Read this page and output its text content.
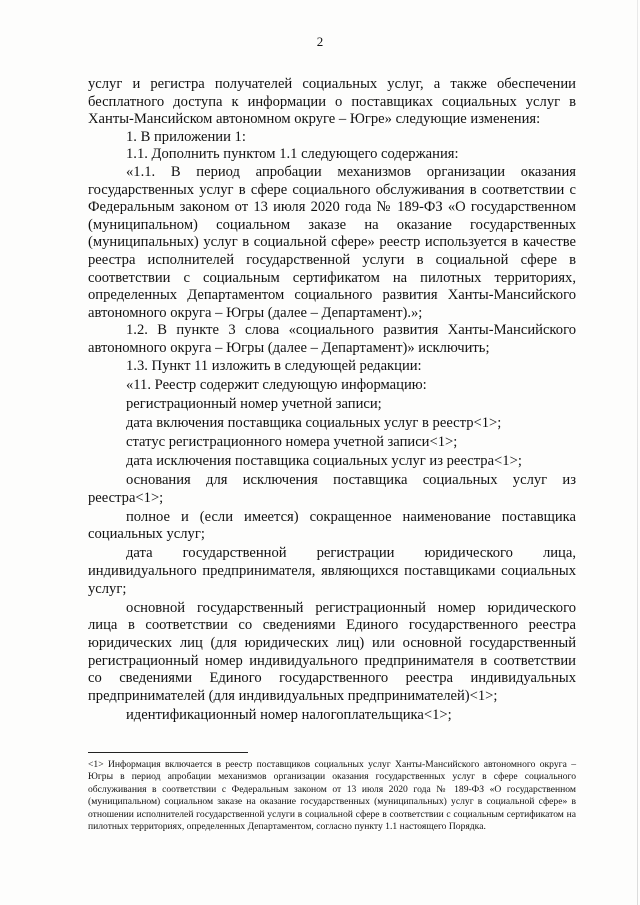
2

услуг и регистра получателей социальных услуг, а также обеспечении бесплатного доступа к информации о поставщиках социальных услуг в Ханты-Мансийском автономном округе – Югре» следующие изменения:

1. В приложении 1:

1.1. Дополнить пунктом 1.1 следующего содержания:

«1.1. В период апробации механизмов организации оказания государственных услуг в сфере социального обслуживания в соответствии с Федеральным законом от 13 июля 2020 года № 189-ФЗ «О государственном (муниципальном) социальном заказе на оказание государственных (муниципальных) услуг в социальной сфере» реестр используется в качестве реестра исполнителей государственной услуги в социальной сфере в соответствии с социальным сертификатом на пилотных территориях, определенных Департаментом социального развития Ханты-Мансийского автономного округа – Югры (далее – Департамент).»;

1.2. В пункте 3 слова «социального развития Ханты-Мансийского автономного округа – Югры (далее – Департамент)» исключить;

1.3. Пункт 11 изложить в следующей редакции:

«11. Реестр содержит следующую информацию:

регистрационный номер учетной записи;

дата включения поставщика социальных услуг в реестр<1>;

статус регистрационного номера учетной записи<1>;

дата исключения поставщика социальных услуг из реестра<1>;

основания для исключения поставщика социальных услуг из реестра<1>;

полное и (если имеется) сокращенное наименование поставщика социальных услуг;

дата государственной регистрации юридического лица, индивидуального предпринимателя, являющихся поставщиками социальных услуг;

основной государственный регистрационный номер юридического лица в соответствии со сведениями Единого государственного реестра юридических лиц (для юридических лиц) или основной государственный регистрационный номер индивидуального предпринимателя в соответствии со сведениями Единого государственного реестра индивидуальных предпринимателей (для индивидуальных предпринимателей)<1>;

идентификационный номер налогоплательщика<1>;

<1> Информация включается в реестр поставщиков социальных услуг Ханты-Мансийского автономного округа – Югры в период апробации механизмов организации оказания государственных услуг в сфере социального обслуживания в соответствии с Федеральным законом от 13 июля 2020 года № 189-ФЗ «О государственном (муниципальном) социальном заказе на оказание государственных (муниципальных) услуг в социальной сфере» в отношении исполнителей государственной услуги в социальной сфере в соответствии с социальным сертификатом на пилотных территориях, определенных Департаментом, согласно пункту 1.1 настоящего Порядка.
